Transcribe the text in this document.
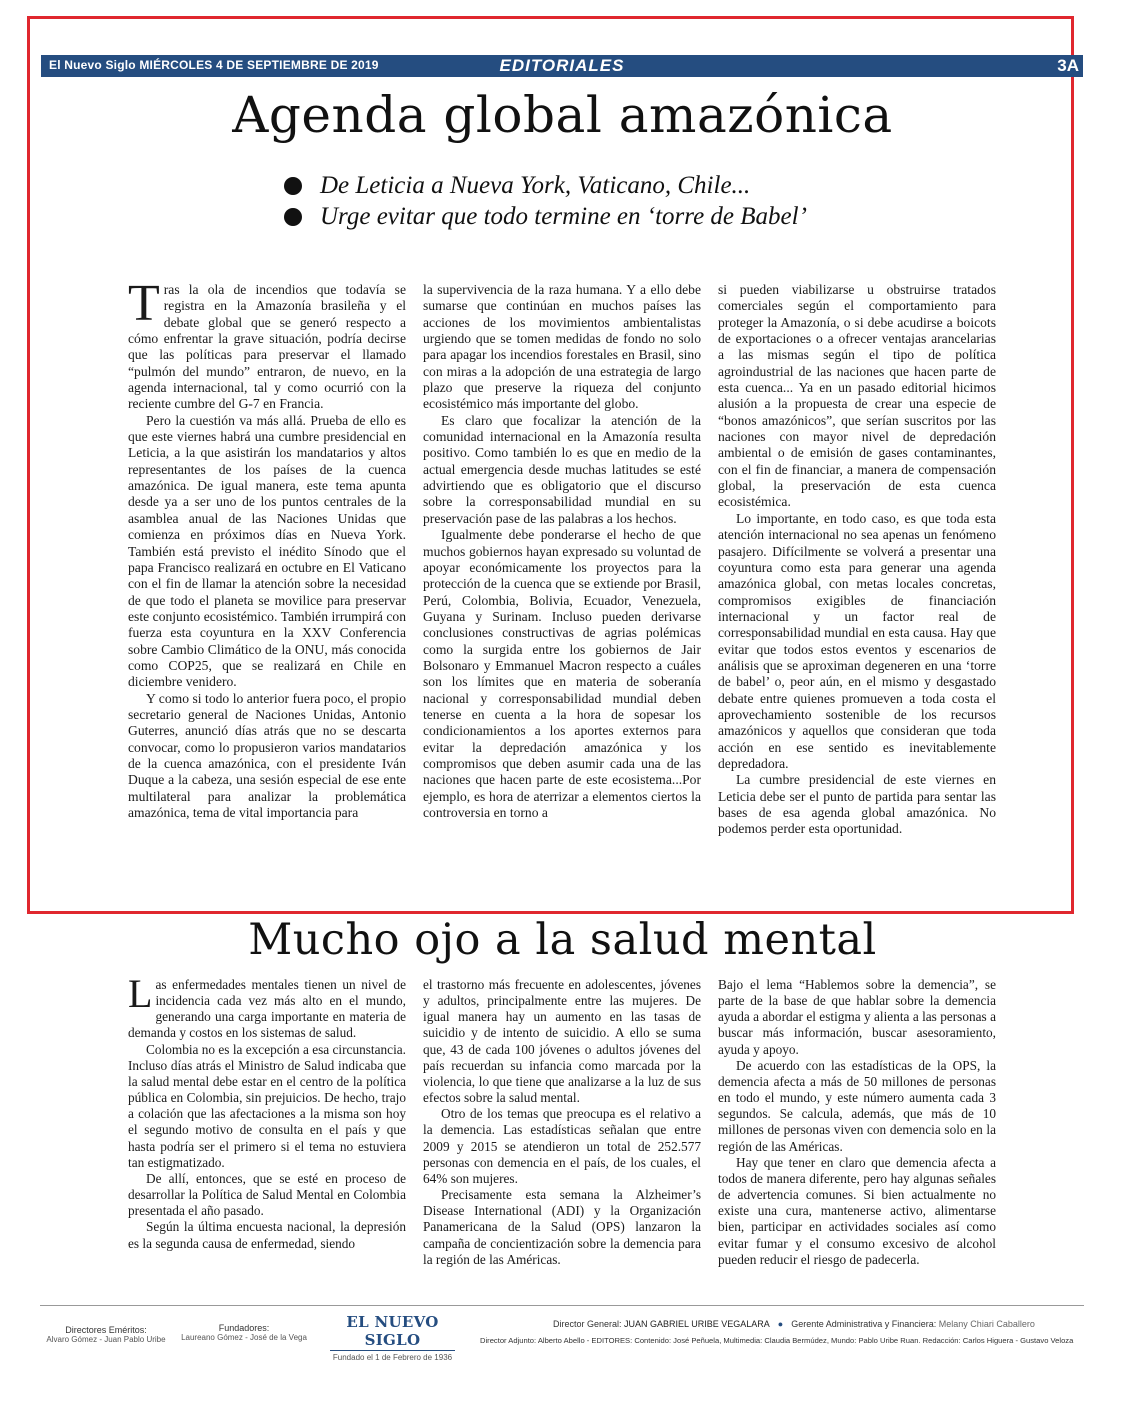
El Nuevo Siglo MIÉRCOLES 4 DE SEPTIEMBRE DE 2019	EDITORIALES	3A
Agenda global amazónica
De Leticia a Nueva York, Vaticano, Chile...
Urge evitar que todo termine en ‘torre de Babel’

Tras la ola de incendios que todavía se registra en la Amazonía brasileña y el debate global que se generó respecto a cómo enfrentar la grave situación, podría decirse que las políticas para preservar el llamado “pulmón del mundo” entraron, de nuevo, en la agenda internacional, tal y como ocurrió con la reciente cumbre del G-7 en Francia.

Pero la cuestión va más allá. Prueba de ello es que este viernes habrá una cumbre presidencial en Leticia, a la que asistirán los mandatarios y altos representantes de los países de la cuenca amazónica. De igual manera, este tema apunta desde ya a ser uno de los puntos centrales de la asamblea anual de las Naciones Unidas que comienza en próximos días en Nueva York. También está previsto el inédito Sínodo que el papa Francisco realizará en octubre en El Vaticano con el fin de llamar la atención sobre la necesidad de que todo el planeta se movilice para preservar este conjunto ecosistémico. También irrumpirá con fuerza esta coyuntura en la XXV Conferencia sobre Cambio Climático de la ONU, más conocida como COP25, que se realizará en Chile en diciembre venidero.

Y como si todo lo anterior fuera poco, el propio secretario general de Naciones Unidas, Antonio Guterres, anunció días atrás que no se descarta convocar, como lo propusieron varios mandatarios de la cuenca amazónica, con el presidente Iván Duque a la cabeza, una sesión especial de ese ente multilateral para analizar la problemática amazónica, tema de vital importancia para

la supervivencia de la raza humana. Y a ello debe sumarse que continúan en muchos países las acciones de los movimientos ambientalistas urgiendo que se tomen medidas de fondo no solo para apagar los incendios forestales en Brasil, sino con miras a la adopción de una estrategia de largo plazo que preserve la riqueza del conjunto ecosistémico más importante del globo.

Es claro que focalizar la atención de la comunidad internacional en la Amazonía resulta positivo. Como también lo es que en medio de la actual emergencia desde muchas latitudes se esté advirtiendo que es obligatorio que el discurso sobre la corresponsabilidad mundial en su preservación pase de las palabras a los hechos.

Igualmente debe ponderarse el hecho de que muchos gobiernos hayan expresado su voluntad de apoyar económicamente los proyectos para la protección de la cuenca que se extiende por Brasil, Perú, Colombia, Bolivia, Ecuador, Venezuela, Guyana y Surinam. Incluso pueden derivarse conclusiones constructivas de agrias polémicas como la surgida entre los gobiernos de Jair Bolsonaro y Emmanuel Macron respecto a cuáles son los límites que en materia de soberanía nacional y corresponsabilidad mundial deben tenerse en cuenta a la hora de sopesar los condicionamientos a los aportes externos para evitar la depredación amazónica y los compromisos que deben asumir cada una de las naciones que hacen parte de este ecosistema...Por ejemplo, es hora de aterrizar a elementos ciertos la controversia en torno a

si pueden viabilizarse u obstruirse tratados comerciales según el comportamiento para proteger la Amazonía, o si debe acudirse a boicots de exportaciones o a ofrecer ventajas arancelarias a las mismas según el tipo de política agroindustrial de las naciones que hacen parte de esta cuenca... Ya en un pasado editorial hicimos alusión a la propuesta de crear una especie de “bonos amazónicos”, que serían suscritos por las naciones con mayor nivel de depredación ambiental o de emisión de gases contaminantes, con el fin de financiar, a manera de compensación global, la preservación de esta cuenca ecosistémica.

Lo importante, en todo caso, es que toda esta atención internacional no sea apenas un fenómeno pasajero. Difícilmente se volverá a presentar una coyuntura como esta para generar una agenda amazónica global, con metas locales concretas, compromisos exigibles de financiación internacional y un factor real de corresponsabilidad mundial en esta causa. Hay que evitar que todos estos eventos y escenarios de análisis que se aproximan degeneren en una ‘torre de babel’ o, peor aún, en el mismo y desgastado debate entre quienes promueven a toda costa el aprovechamiento sostenible de los recursos amazónicos y aquellos que consideran que toda acción en ese sentido es inevitablemente depredadora.

La cumbre presidencial de este viernes en Leticia debe ser el punto de partida para sentar las bases de esa agenda global amazónica. No podemos perder esta oportunidad.

Mucho ojo a la salud mental

Las enfermedades mentales tienen un nivel de incidencia cada vez más alto en el mundo, generando una carga importante en materia de demanda y costos en los sistemas de salud.

Colombia no es la excepción a esa circunstancia. Incluso días atrás el Ministro de Salud indicaba que la salud mental debe estar en el centro de la política pública en Colombia, sin prejuicios. De hecho, trajo a colación que las afectaciones a la misma son hoy el segundo motivo de consulta en el país y que hasta podría ser el primero si el tema no estuviera tan estigmatizado.

De allí, entonces, que se esté en proceso de desarrollar la Política de Salud Mental en Colombia presentada el año pasado.

Según la última encuesta nacional, la depresión es la segunda causa de enfermedad, siendo

el trastorno más frecuente en adolescentes, jóvenes y adultos, principalmente entre las mujeres. De igual manera hay un aumento en las tasas de suicidio y de intento de suicidio. A ello se suma que, 43 de cada 100 jóvenes o adultos jóvenes del país recuerdan su infancia como marcada por la violencia, lo que tiene que analizarse a la luz de sus efectos sobre la salud mental.

Otro de los temas que preocupa es el relativo a la demencia. Las estadísticas señalan que entre 2009 y 2015 se atendieron un total de 252.577 personas con demencia en el país, de los cuales, el 64% son mujeres.

Precisamente esta semana la Alzheimer’s Disease International (ADI) y la Organización Panamericana de la Salud (OPS) lanzaron la campaña de concientización sobre la demencia para la región de las Américas.

Bajo el lema “Hablemos sobre la demencia”, se parte de la base de que hablar sobre la demencia ayuda a abordar el estigma y alienta a las personas a buscar más información, buscar asesoramiento, ayuda y apoyo.

De acuerdo con las estadísticas de la OPS, la demencia afecta a más de 50 millones de personas en todo el mundo, y este número aumenta cada 3 segundos. Se calcula, además, que más de 10 millones de personas viven con demencia solo en la región de las Américas.

Hay que tener en claro que demencia afecta a todos de manera diferente, pero hay algunas señales de advertencia comunes. Si bien actualmente no existe una cura, mantenerse activo, alimentarse bien, participar en actividades sociales así como evitar fumar y el consumo excesivo de alcohol pueden reducir el riesgo de padecerla.

Directores Eméritos:
Alvaro Gómez - Juan Pablo Uribe
Fundadores:
Laureano Gómez - José de la Vega
EL NUEVO SIGLO
Fundado el 1 de Febrero de 1936
Director General: JUAN GABRIEL URIBE VEGALARA ● Gerente Administrativa y Financiera: Melany Chiari Caballero
Director Adjunto: Alberto Abello - EDITORES: Contenido: José Peñuela, Multimedia: Claudia Bermúdez, Mundo: Pablo Uribe Ruan. Redacción: Carlos Higuera - Gustavo Veloza
